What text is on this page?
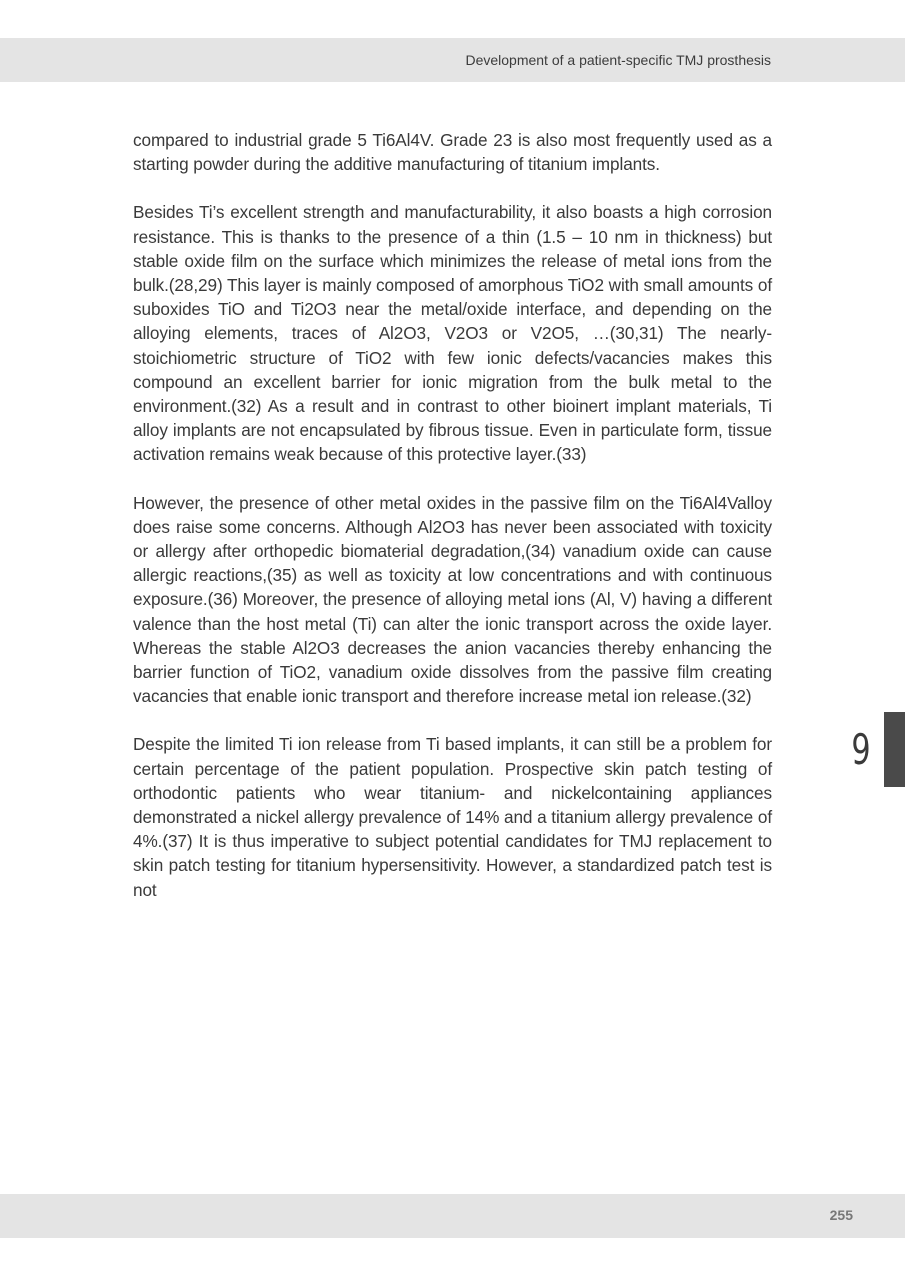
Development of a patient-specific TMJ prosthesis

compared to industrial grade 5 Ti6Al4V. Grade 23 is also most frequently used as a starting powder during the additive manufacturing of titanium implants.

Besides Ti’s excellent strength and manufacturability, it also boasts a high corrosion resistance. This is thanks to the presence of a thin (1.5 – 10 nm in thickness) but stable oxide film on the surface which minimizes the release of metal ions from the bulk.(28,29) This layer is mainly composed of amorphous TiO2 with small amounts of suboxides TiO and Ti2O3 near the metal/oxide interface, and depending on the alloying elements, traces of Al2O3, V2O3 or V2O5, …(30,31) The nearly-stoichiometric structure of TiO2 with few ionic defects/vacancies makes this compound an excellent barrier for ionic migration from the bulk metal to the environment.(32) As a result and in contrast to other bioinert implant materials, Ti alloy implants are not encapsulated by fibrous tissue. Even in particulate form, tissue activation remains weak because of this protective layer.(33)

However, the presence of other metal oxides in the passive film on the Ti6Al4Valloy does raise some concerns. Although Al2O3 has never been associated with toxicity or allergy after orthopedic biomaterial degradation,(34) vanadium oxide can cause allergic reactions,(35) as well as toxicity at low concentrations and with continuous exposure.(36) Moreover, the presence of alloying metal ions (Al, V) having a different valence than the host metal (Ti) can alter the ionic transport across the oxide layer. Whereas the stable Al2O3 decreases the anion vacancies thereby enhancing the barrier function of TiO2, vanadium oxide dissolves from the passive film creating vacancies that enable ionic transport and therefore increase metal ion release.(32)

Despite the limited Ti ion release from Ti based implants, it can still be a problem for certain percentage of the patient population. Prospective skin patch testing of orthodontic patients who wear titanium- and nickelcontaining appliances demonstrated a nickel allergy prevalence of 14% and a titanium allergy prevalence of 4%.(37) It is thus imperative to subject potential candidates for TMJ replacement to skin patch testing for titanium hypersensitivity. However, a standardized patch test is not

9
255
